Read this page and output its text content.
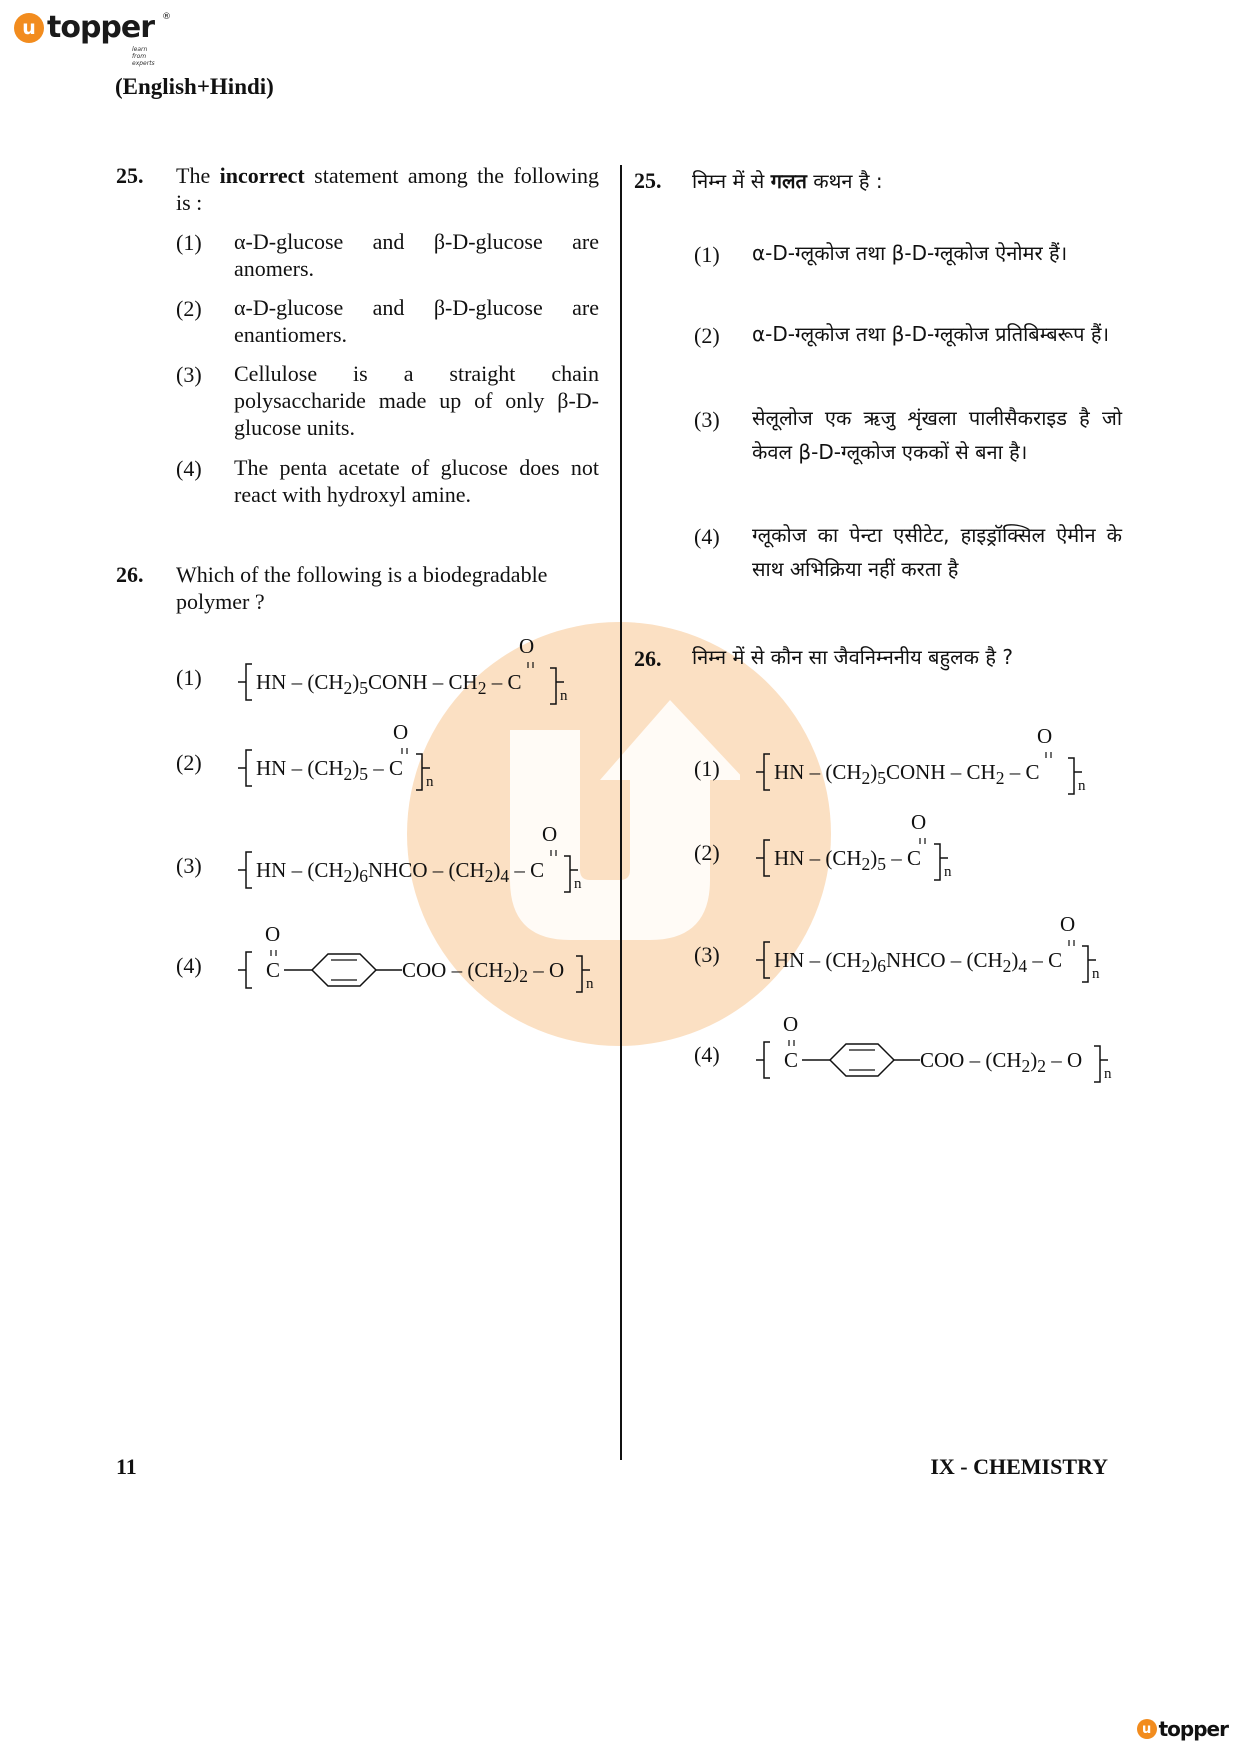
u topper ®
learn from experts
(English+Hindi)
25. The incorrect statement among the following is :
(1) α-D-glucose and β-D-glucose are anomers.
(2) α-D-glucose and β-D-glucose are enantiomers.
(3) Cellulose is a straight chain polysaccharide made up of only β-D-glucose units.
(4) The penta acetate of glucose does not react with hydroxyl amine.
26. Which of the following is a biodegradable polymer ?
(1)
O
HN – $(CH_2)_5CONH - CH_2$ – C
n
(2)
O
HN – $(CH_2)_5$ – C
n
(3)
O
HN – $(CH_2)_6NHCO - (CH_2)_4$ – C
n
(4)
O
C	COO – $(CH_2)_2$ – O
n
25. निम्न में से गलत कथन है :
(1) α-D-ग्लूकोज तथा β-D-ग्लूकोज ऐनोमर हैं।
(2) α-D-ग्लूकोज तथा β-D-ग्लूकोज प्रतिबिम्बरूप हैं।
(3) सेलूलोज एक ऋजु शृंखला पालीसैकराइड है जो केवल β-D-ग्लूकोज एककों से बना है।
(4) ग्लूकोज का पेन्टा एसीटेट, हाइड्रॉक्सिल ऐमीन के साथ अभिक्रिया नहीं करता है
26. निम्न में से कौन सा जैवनिम्ननीय बहुलक है ?
(1)
O
HN – $(CH_2)_5CONH - CH_2$ – C
n
(2)
O
HN – $(CH_2)_5$ – C
n
(3)
O
HN – $(CH_2)_6NHCO - (CH_2)_4$ – C
n
(4)
O
C	COO – $(CH_2)_2$ – O
n
11	IX - CHEMISTRY
u topper
